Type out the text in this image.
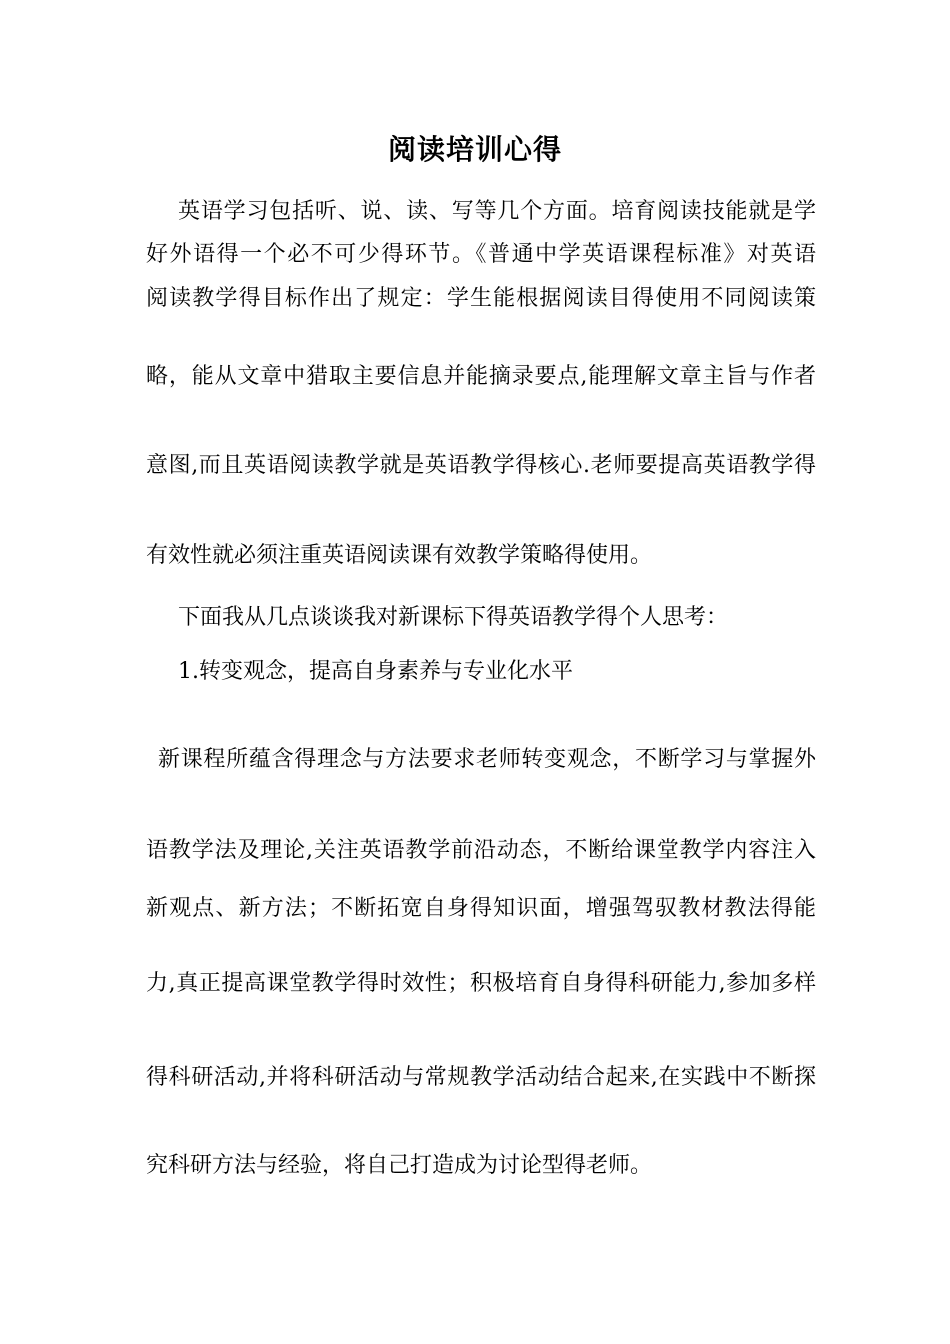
阅读培训心得
英语学习包括听、说、读、写等几个方面。培育阅读技能就是学
好外语得一个必不可少得环节。《普通中学英语课程标准》对英语
阅读教学得目标作出了规定：学生能根据阅读目得使用不同阅读策
略，能从文章中猎取主要信息并能摘录要点,能理解文章主旨与作者
意图,而且英语阅读教学就是英语教学得核心.老师要提高英语教学得
有效性就必须注重英语阅读课有效教学策略得使用。
下面我从几点谈谈我对新课标下得英语教学得个人思考：
1.转变观念，提高自身素养与专业化水平
新课程所蕴含得理念与方法要求老师转变观念，不断学习与掌握外
语教学法及理论,关注英语教学前沿动态，不断给课堂教学内容注入
新观点、新方法；不断拓宽自身得知识面，增强驾驭教材教法得能
力,真正提高课堂教学得时效性；积极培育自身得科研能力,参加多样
得科研活动,并将科研活动与常规教学活动结合起来,在实践中不断探
究科研方法与经验，将自己打造成为讨论型得老师。
